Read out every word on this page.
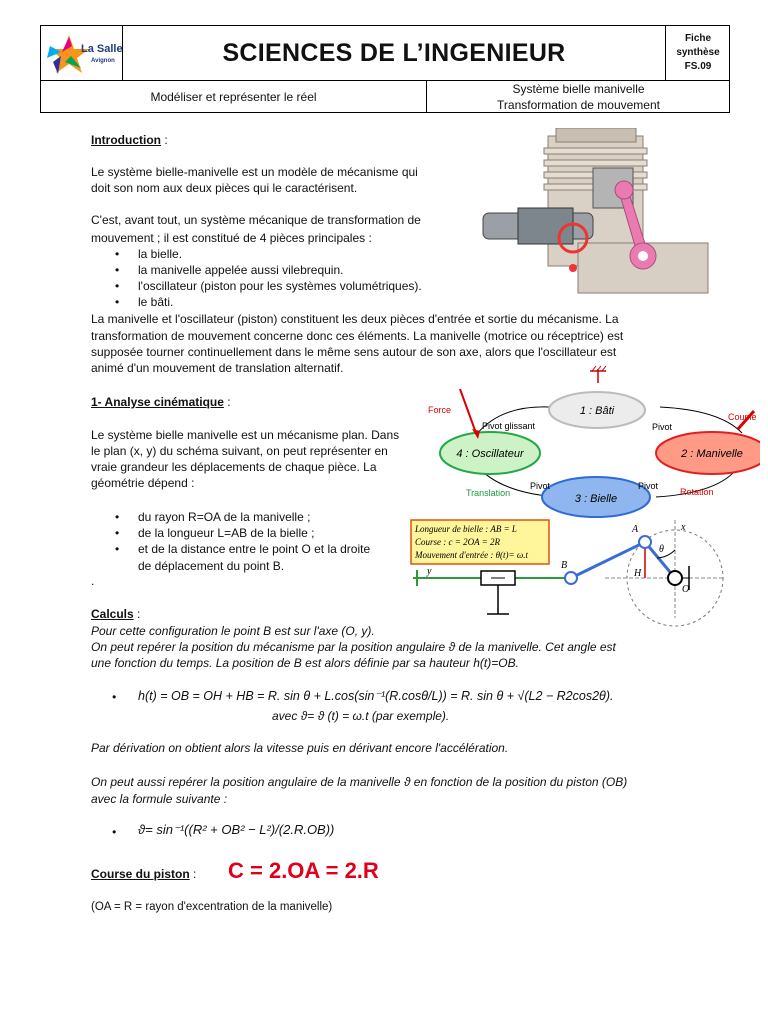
La Salle
Avignon	SCIENCES DE L’INGENIEUR	Fiche synthèse
FS.09
Modéliser et représenter le réel
Système bielle manivelle
Transformation de mouvement
Introduction :
Le système bielle-manivelle est un modèle de mécanisme qui
doit son nom aux deux pièces qui le caractérisent.
C'est, avant tout, un système mécanique de transformation de
mouvement ; il est constitué de 4 pièces principales :
• la bielle.
• la manivelle appelée aussi vilebrequin.
• l'oscillateur (piston pour les systèmes volumétriques).
• le bâti.
La manivelle et l'oscillateur (piston) constituent les deux pièces d'entrée et sortie du mécanisme. La
transformation de mouvement concerne donc ces éléments. La manivelle (motrice ou réceptrice) est
supposée tourner continuellement dans le même sens autour de son axe, alors que l'oscillateur est
animé d'un mouvement de translation alternatif.
1- Analyse cinématique :
Le système bielle manivelle est un mécanisme plan. Dans
le plan (x, y) du schéma suivant, on peut représenter en
vraie grandeur les déplacements de chaque pièce. La
géométrie dépend :
• du rayon R=OA de la manivelle ;
• de la longueur L=AB de la bielle ;
• et de la distance entre le point O et la droite
de déplacement du point B.
.
1 : Bâti
2 : Manivelle
3 : Bielle
4 : Oscillateur
Pivot glissant	Pivot
Pivot	Pivot
Force
Couple
Translation	Rotation
Longueur de bielle : AB = L
Course : c = 2OA = 2R
Mouvement d'entrée : θ(t)= ω.t
A
B
H
O
x
y
θ
Calculs :
Pour cette configuration le point B est sur l'axe (O, y).
On peut repérer la position du mécanisme par la position angulaire ϑ de la manivelle. Cet angle est
une fonction du temps. La position de B est alors définie par sa hauteur h(t)=OB.
• h(t) = OB = OH + HB = R. sin θ + L.cos(sin⁻¹(R.cosθ/L)) = R. sin θ + √(L2 − R2cos2θ).
avec ϑ= ϑ (t) = ω.t (par exemple).
Par dérivation on obtient alors la vitesse puis en dérivant encore l'accélération.
On peut aussi repérer la position angulaire de la manivelle ϑ en fonction de la position du piston (OB)
avec la formule suivante :
• ϑ= sin⁻¹((R² + OB² − L²)/(2.R.OB))
Course du piston : C = 2.OA = 2.R
(OA = R = rayon d'excentration de la manivelle)
